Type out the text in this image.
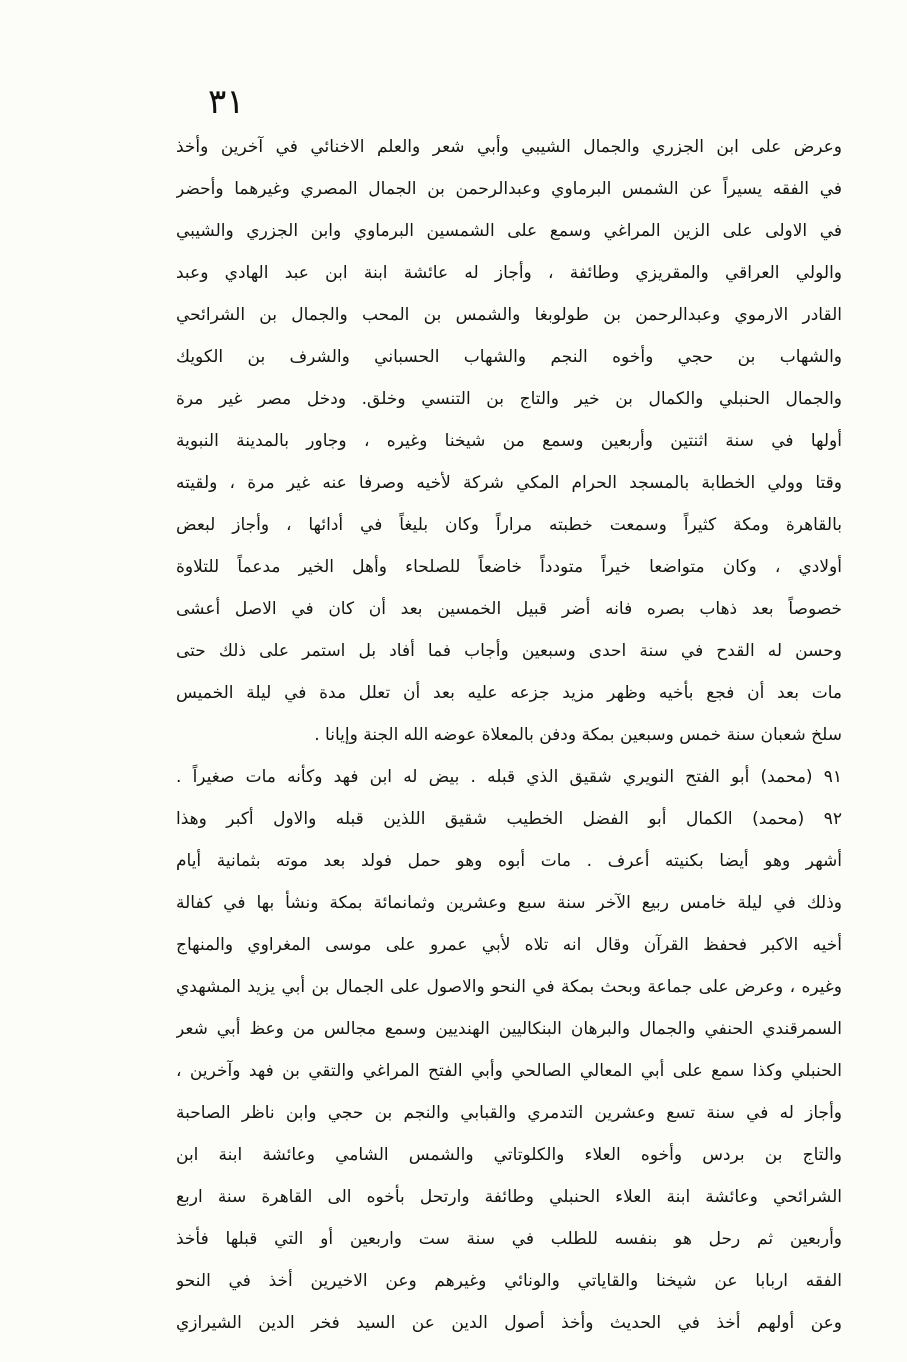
٣١
وعرض على ابن الجزري والجمال الشيبي وأبي شعر والعلم الاخنائي في آخرين وأخذ
في الفقه يسيراً عن الشمس البرماوي وعبدالرحمن بن الجمال المصري وغيرهما وأحضر
في الاولى على الزين المراغي وسمع على الشمسين البرماوي وابن الجزري والشيبي
والولي العراقي والمقريزي وطائفة ، وأجاز له عائشة ابنة ابن عبد الهادي وعبد
القادر الارموي وعبدالرحمن بن طولوبغا والشمس بن المحب والجمال بن الشرائحي
والشهاب بن حجي وأخوه النجم والشهاب الحسباني والشرف بن الكويك
والجمال الحنبلي والكمال بن خير والتاج بن التنسي وخلق. ودخل مصر غير مرة
أولها في سنة اثنتين وأربعين وسمع من شيخنا وغيره ، وجاور بالمدينة النبوية
وقتا وولي الخطابة بالمسجد الحرام المكي شركة لأخيه وصرفا عنه غير مرة ، ولقيته
بالقاهرة ومكة كثيراً وسمعت خطبته مراراً وكان بليغاً في أدائها ، وأجاز لبعض
أولادي ، وكان متواضعا خيراً متودداً خاضعاً للصلحاء وأهل الخير مدعماً للتلاوة
خصوصاً بعد ذهاب بصره فانه أضر قبيل الخمسين بعد أن كان في الاصل أعشى
وحسن له القدح في سنة احدى وسبعين وأجاب فما أفاد بل استمر على ذلك حتى
مات بعد أن فجع بأخيه وظهر مزيد جزعه عليه بعد أن تعلل مدة في ليلة الخميس
سلخ شعبان سنة خمس وسبعين بمكة ودفن بالمعلاة عوضه الله الجنة وإيانا .
٩١ (محمد) أبو الفتح النويري شقيق الذي قبله . بيض له ابن فهد وكأنه مات صغيراً .
٩٢ (محمد) الكمال أبو الفضل الخطيب شقيق اللذين قبله والاول أكبر وهذا
أشهر وهو أيضا بكنيته أعرف . مات أبوه وهو حمل فولد بعد موته بثمانية أيام
وذلك في ليلة خامس ربيع الآخر سنة سبع وعشرين وثمانمائة بمكة ونشأ بها في كفالة
أخيه الاكبر فحفظ القرآن وقال انه تلاه لأبي عمرو على موسى المغراوي والمنهاج
وغيره ، وعرض على جماعة وبحث بمكة في النحو والاصول على الجمال بن أبي يزيد المشهدي
السمرقندي الحنفي والجمال والبرهان البنكاليين الهنديين وسمع مجالس من وعظ أبي شعر
الحنبلي وكذا سمع على أبي المعالي الصالحي وأبي الفتح المراغي والتقي بن فهد وآخرين ،
وأجاز له في سنة تسع وعشرين التدمري والقبابي والنجم بن حجي وابن ناظر الصاحبة
والتاج بن بردس وأخوه العلاء والكلوتاتي والشمس الشامي وعائشة ابنة ابن
الشرائحي وعائشة ابنة العلاء الحنبلي وطائفة وارتحل بأخوه الى القاهرة سنة اربع
وأربعين ثم رحل هو بنفسه للطلب في سنة ست واربعين أو التي قبلها فأخذ
الفقه اربابا عن شيخنا والقاياتي والونائي وغيرهم وعن الاخيرين أخذ في النحو
وعن أولهم أخذ في الحديث وأخذ أصول الدين عن السيد فخر الدين الشيرازي
